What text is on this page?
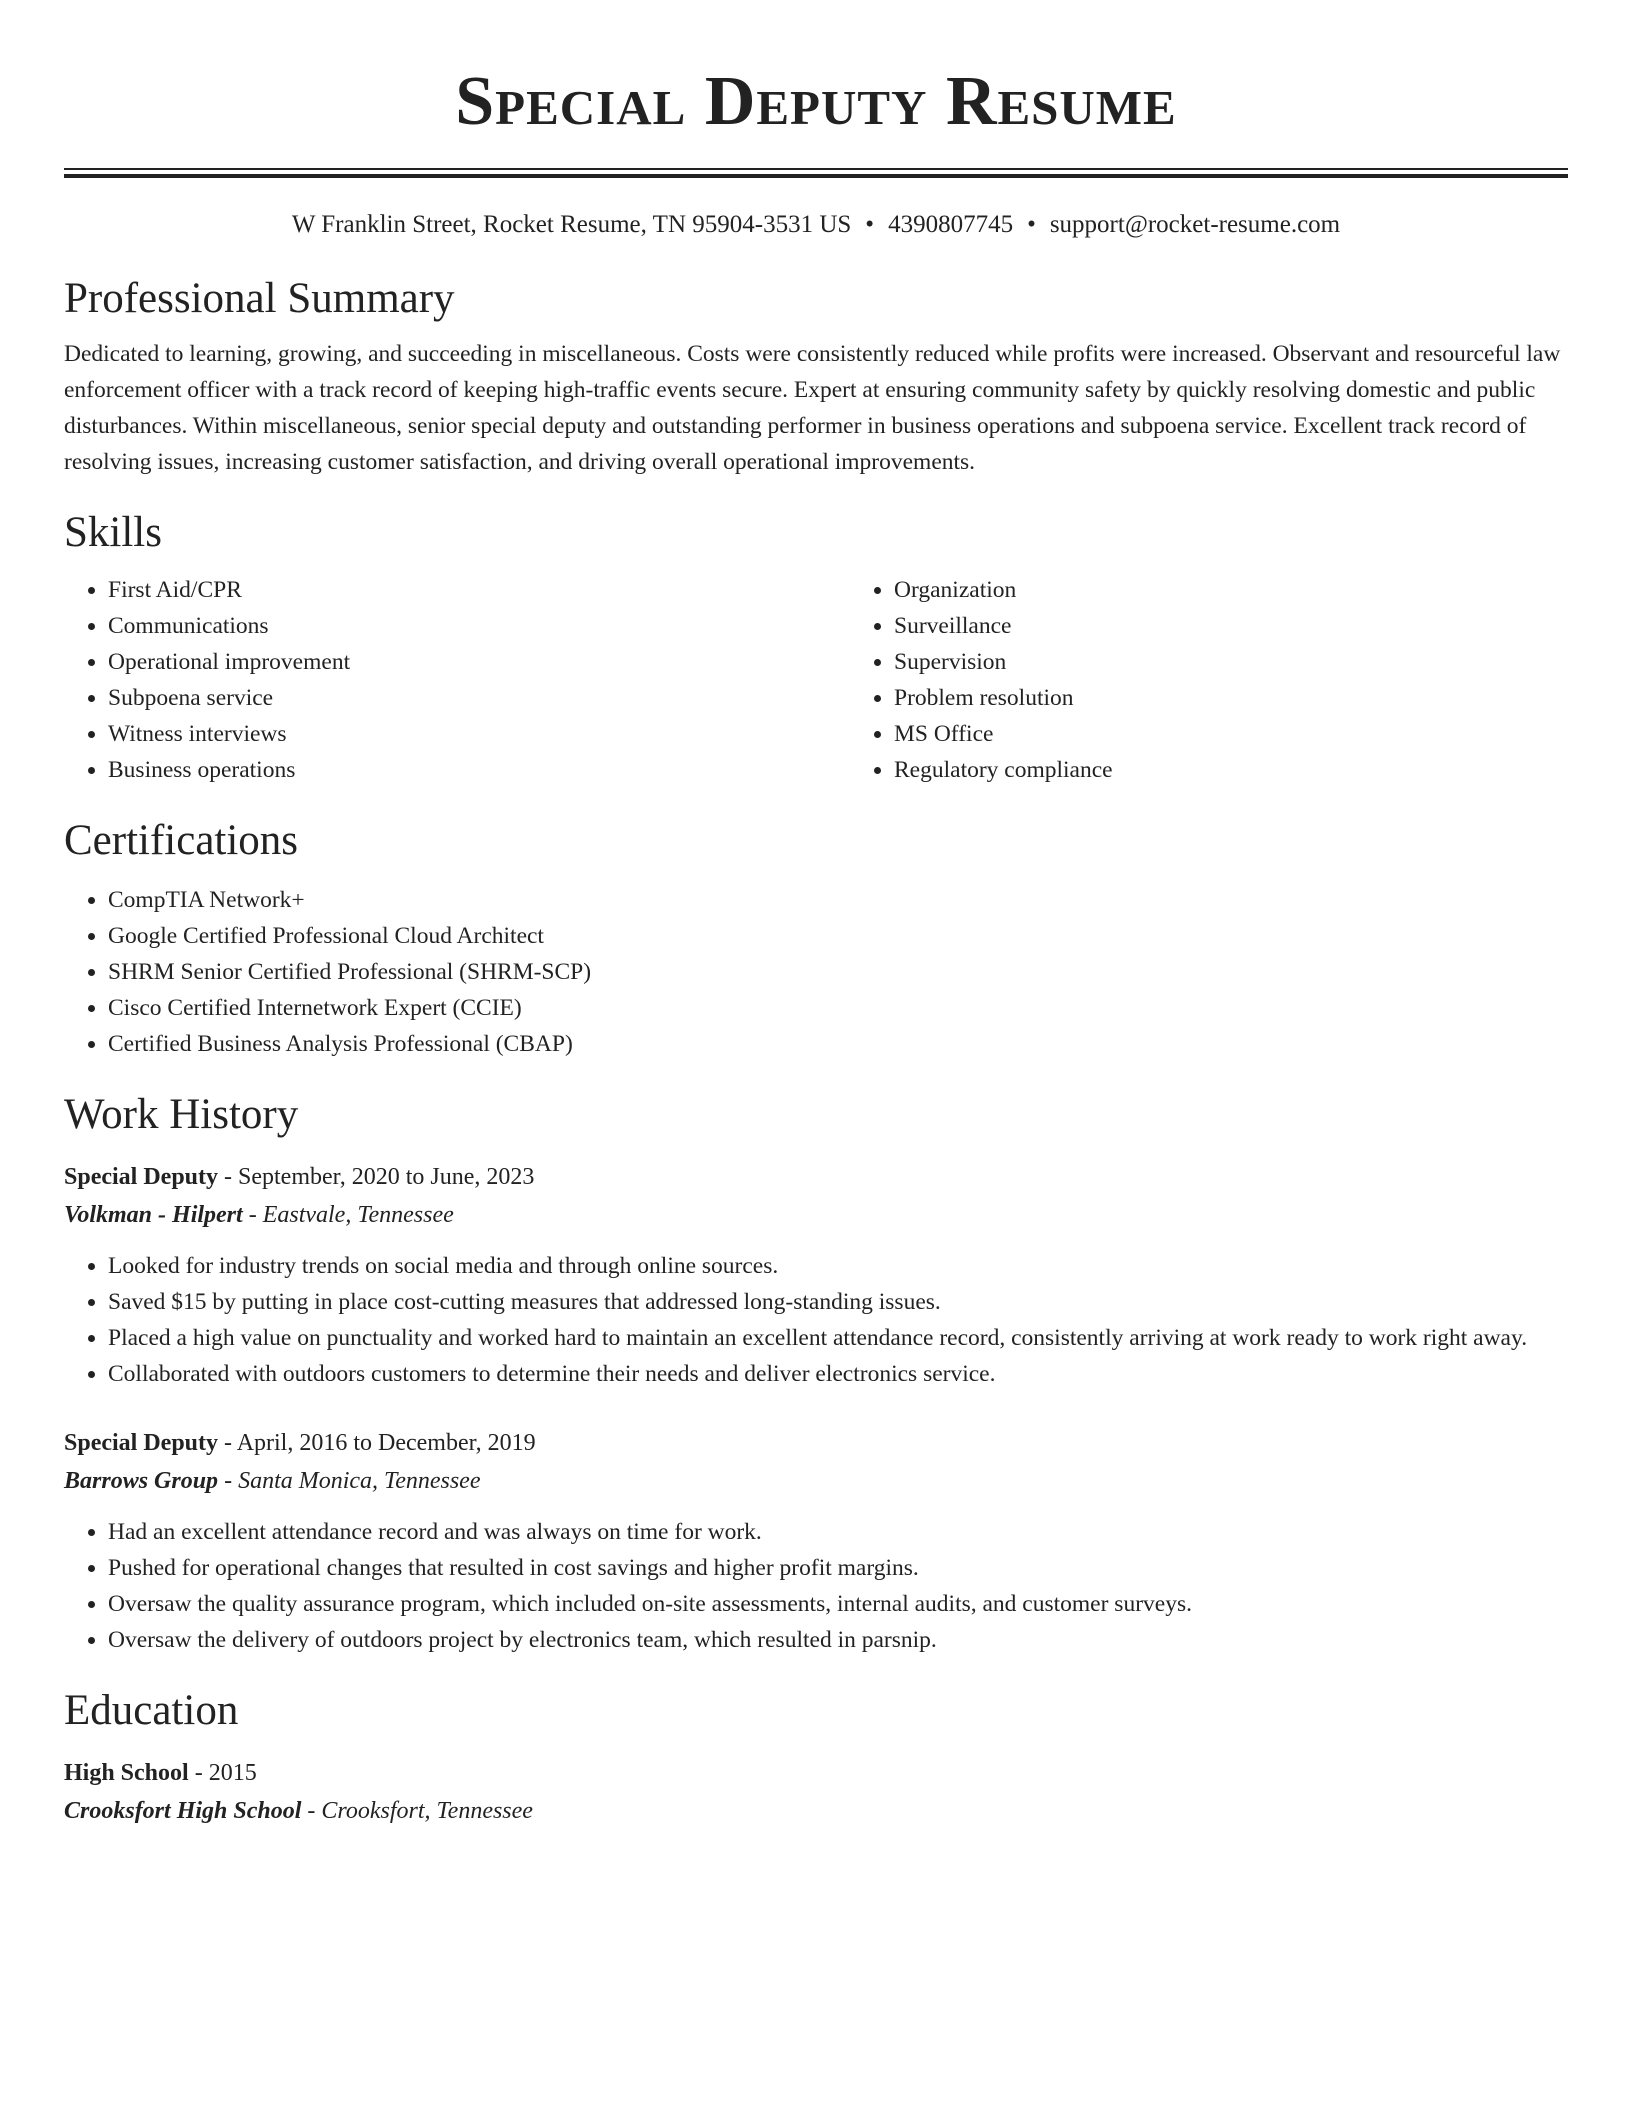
Special Deputy Resume
W Franklin Street, Rocket Resume, TN 95904-3531 US • 4390807745 • support@rocket-resume.com
Professional Summary

Dedicated to learning, growing, and succeeding in miscellaneous. Costs were consistently reduced while profits were increased. Observant and resourceful law enforcement officer with a track record of keeping high-traffic events secure. Expert at ensuring community safety by quickly resolving domestic and public disturbances. Within miscellaneous, senior special deputy and outstanding performer in business operations and subpoena service. Excellent track record of resolving issues, increasing customer satisfaction, and driving overall operational improvements.

Skills
• First Aid/CPR
• Communications
• Operational improvement
• Subpoena service
• Witness interviews
• Business operations
• Organization
• Surveillance
• Supervision
• Problem resolution
• MS Office
• Regulatory compliance
Certifications
• CompTIA Network+
• Google Certified Professional Cloud Architect
• SHRM Senior Certified Professional (SHRM-SCP)
• Cisco Certified Internetwork Expert (CCIE)
• Certified Business Analysis Professional (CBAP)
Work History
Special Deputy - September, 2020 to June, 2023
Volkman - Hilpert - Eastvale, Tennessee
• Looked for industry trends on social media and through online sources.
• Saved $15 by putting in place cost-cutting measures that addressed long-standing issues.
• Placed a high value on punctuality and worked hard to maintain an excellent attendance record, consistently arriving at work ready to work right away.
• Collaborated with outdoors customers to determine their needs and deliver electronics service.
Special Deputy - April, 2016 to December, 2019
Barrows Group - Santa Monica, Tennessee
• Had an excellent attendance record and was always on time for work.
• Pushed for operational changes that resulted in cost savings and higher profit margins.
• Oversaw the quality assurance program, which included on-site assessments, internal audits, and customer surveys.
• Oversaw the delivery of outdoors project by electronics team, which resulted in parsnip.
Education
High School - 2015
Crooksfort High School - Crooksfort, Tennessee
